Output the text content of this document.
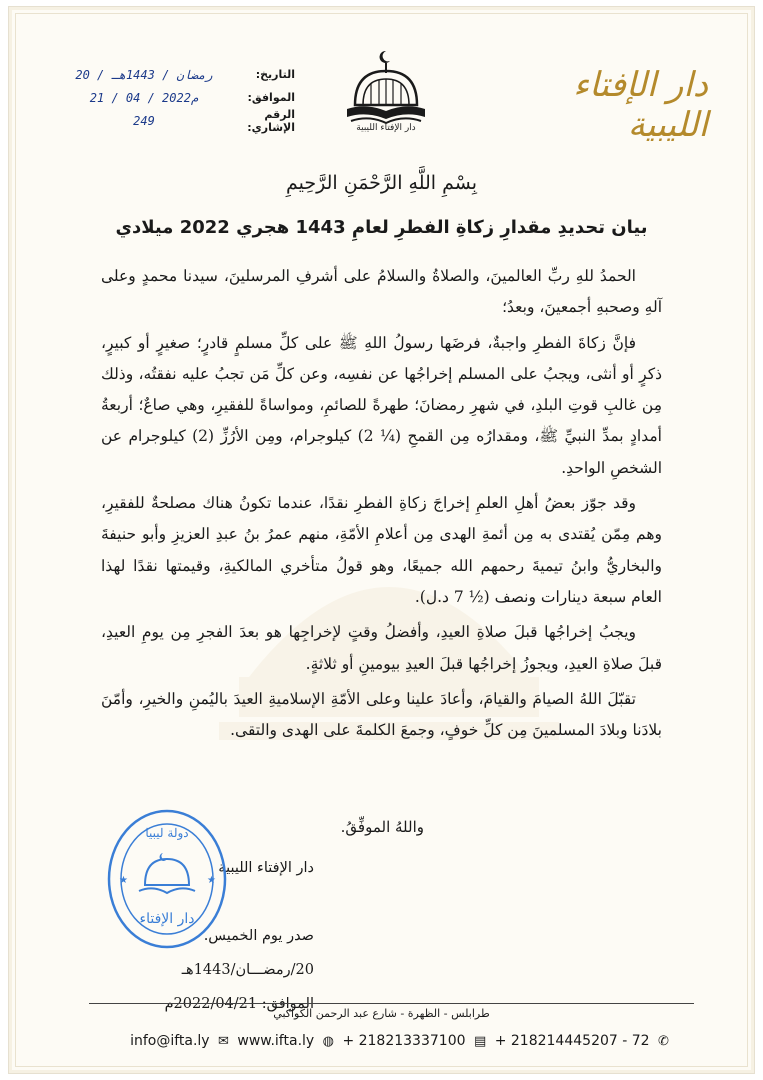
دار الإفتاء الليبية
دار الإفتاء الليبية
التاريخ:
20 / رمضان / 1443هـ
الموافق:
21 / 04 / 2022م
الرقم الإشاري:
249
بِسْمِ اللَّهِ الرَّحْمَنِ الرَّحِيمِ
بيان تحديدِ مقدارِ زكاةِ الفطرِ لعامِ 1443 هجري 2022 ميلادي

الحمدُ للهِ ربِّ العالمينَ، والصلاةُ والسلامُ على أشرفِ المرسلينَ، سيدنا محمدٍ وعلى آلهِ وصحبهِ أجمعينَ، وبعدُ؛

فإنَّ زكاةَ الفطرِ واجبةٌ، فرضَها رسولُ اللهِ ﷺ على كلِّ مسلمٍ قادرٍ؛ صغيرٍ أو كبيرٍ، ذكرٍ أو أنثى، ويجبُ على المسلم إخراجُها عن نفسِه، وعن كلِّ مَن تجبُ عليه نفقتُه، وذلك مِن غالبِ قوتِ البلدِ، في شهرِ رمضانَ؛ طهرةً للصائمِ، ومواساةً للفقيرِ، وهي صاعٌ؛ أربعةُ أمدادٍ بمدِّ النبيِّ ﷺ، ومقدارُه مِن القمحِ (¼ 2) كيلوجرام، ومِن الأرُزِّ (2) كيلوجرام عن الشخصِ الواحدِ.

وقد جوّز بعضُ أهلِ العلمِ إخراجَ زكاةِ الفطرِ نقدًا، عندما تكونُ هناك مصلحةٌ للفقيرِ، وهم مِمّن يُقتدى به مِن أئمةِ الهدى مِن أعلامِ الأمّةِ، منهم عمرُ بنُ عبدِ العزيزِ وأبو حنيفةَ والبخاريُّ وابنُ تيميةَ رحمهم الله جميعًا، وهو قولُ متأخري المالكيةِ، وقيمتها نقدًا لهذا العام سبعة دينارات ونصف (½ 7 د.ل).

ويجبُ إخراجُها قبلَ صلاةِ العيدِ، وأفضلُ وقتٍ لإخراجِها هو بعدَ الفجرِ مِن يومِ العيدِ، قبلَ صلاةِ العيدِ، ويجوزُ إخراجُها قبلَ العيدِ بيومينِ أو ثلاثةٍ.

تقبّلَ اللهُ الصيامَ والقيامَ، وأعادَ علينا وعلى الأمّةِ الإسلاميةِ العيدَ باليُمنِ والخيرِ، وأمّنَ بلادَنا وبلادَ المسلمينَ مِن كلِّ خوفٍ، وجمعَ الكلمةَ على الهدى والتقى.

واللهُ الموفِّقُ.
دار الإفتاء الليبية
صدر يوم الخميس.
20/رمضـــان/1443هـ
الموافق: 2022/04/21م
★	★
دولة ليبيا
دار الإفتاء
طرابلس - الظهرة - شارع عبد الرحمن الكواكبي
info@ifta.ly ✉ www.ifta.ly ◍ + 218213337100 ▤ + 218214445207 - 72 ✆
